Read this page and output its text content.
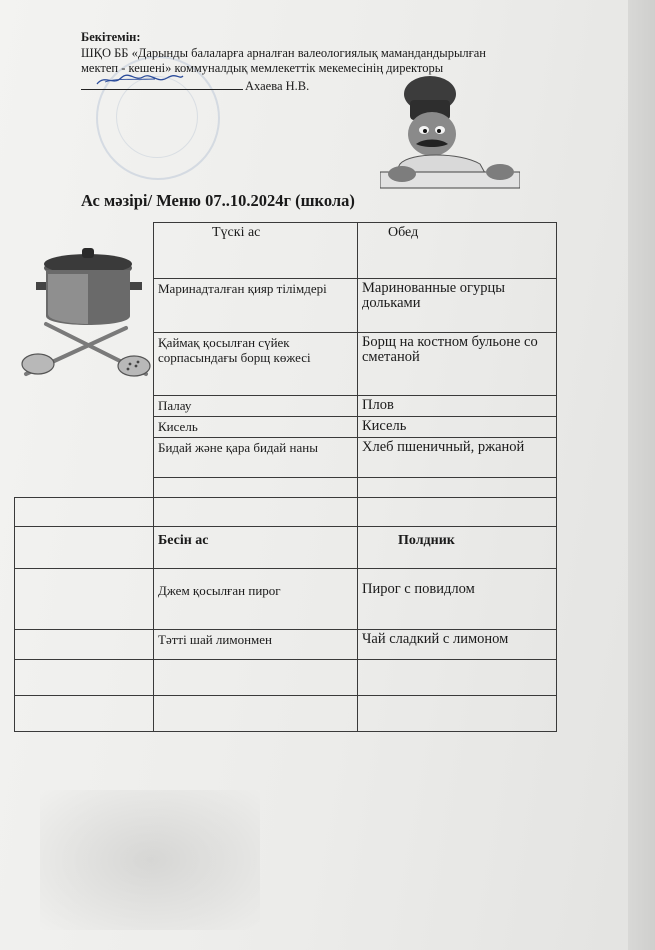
Бекітемін:
ШҚО ББ «Дарынды балаларға арналған валеологиялық мамандандырылған
мектеп - кешені» коммуналдық мемлекеттік мекемесінің директоры
Ахаева Н.В.
Ас мәзірі/ Меню 07..10.2024г (школа)
	Түскі ас	Обед
	Маринадталған қияр тілімдері	Маринованные огурцы дольками
	Қаймақ қосылған сүйек сорпасындағы борщ көжесі	Борщ на костном бульоне со сметаной
	Палау	Плов
	Кисель	Кисель
	Бидай және қара бидай наны	Хлеб пшеничный, ржаной

	Бесін ас	Полдник
	Джем қосылған пирог	Пирог с повидлом
	Тәтті шай лимонмен	Чай сладкий с лимоном
